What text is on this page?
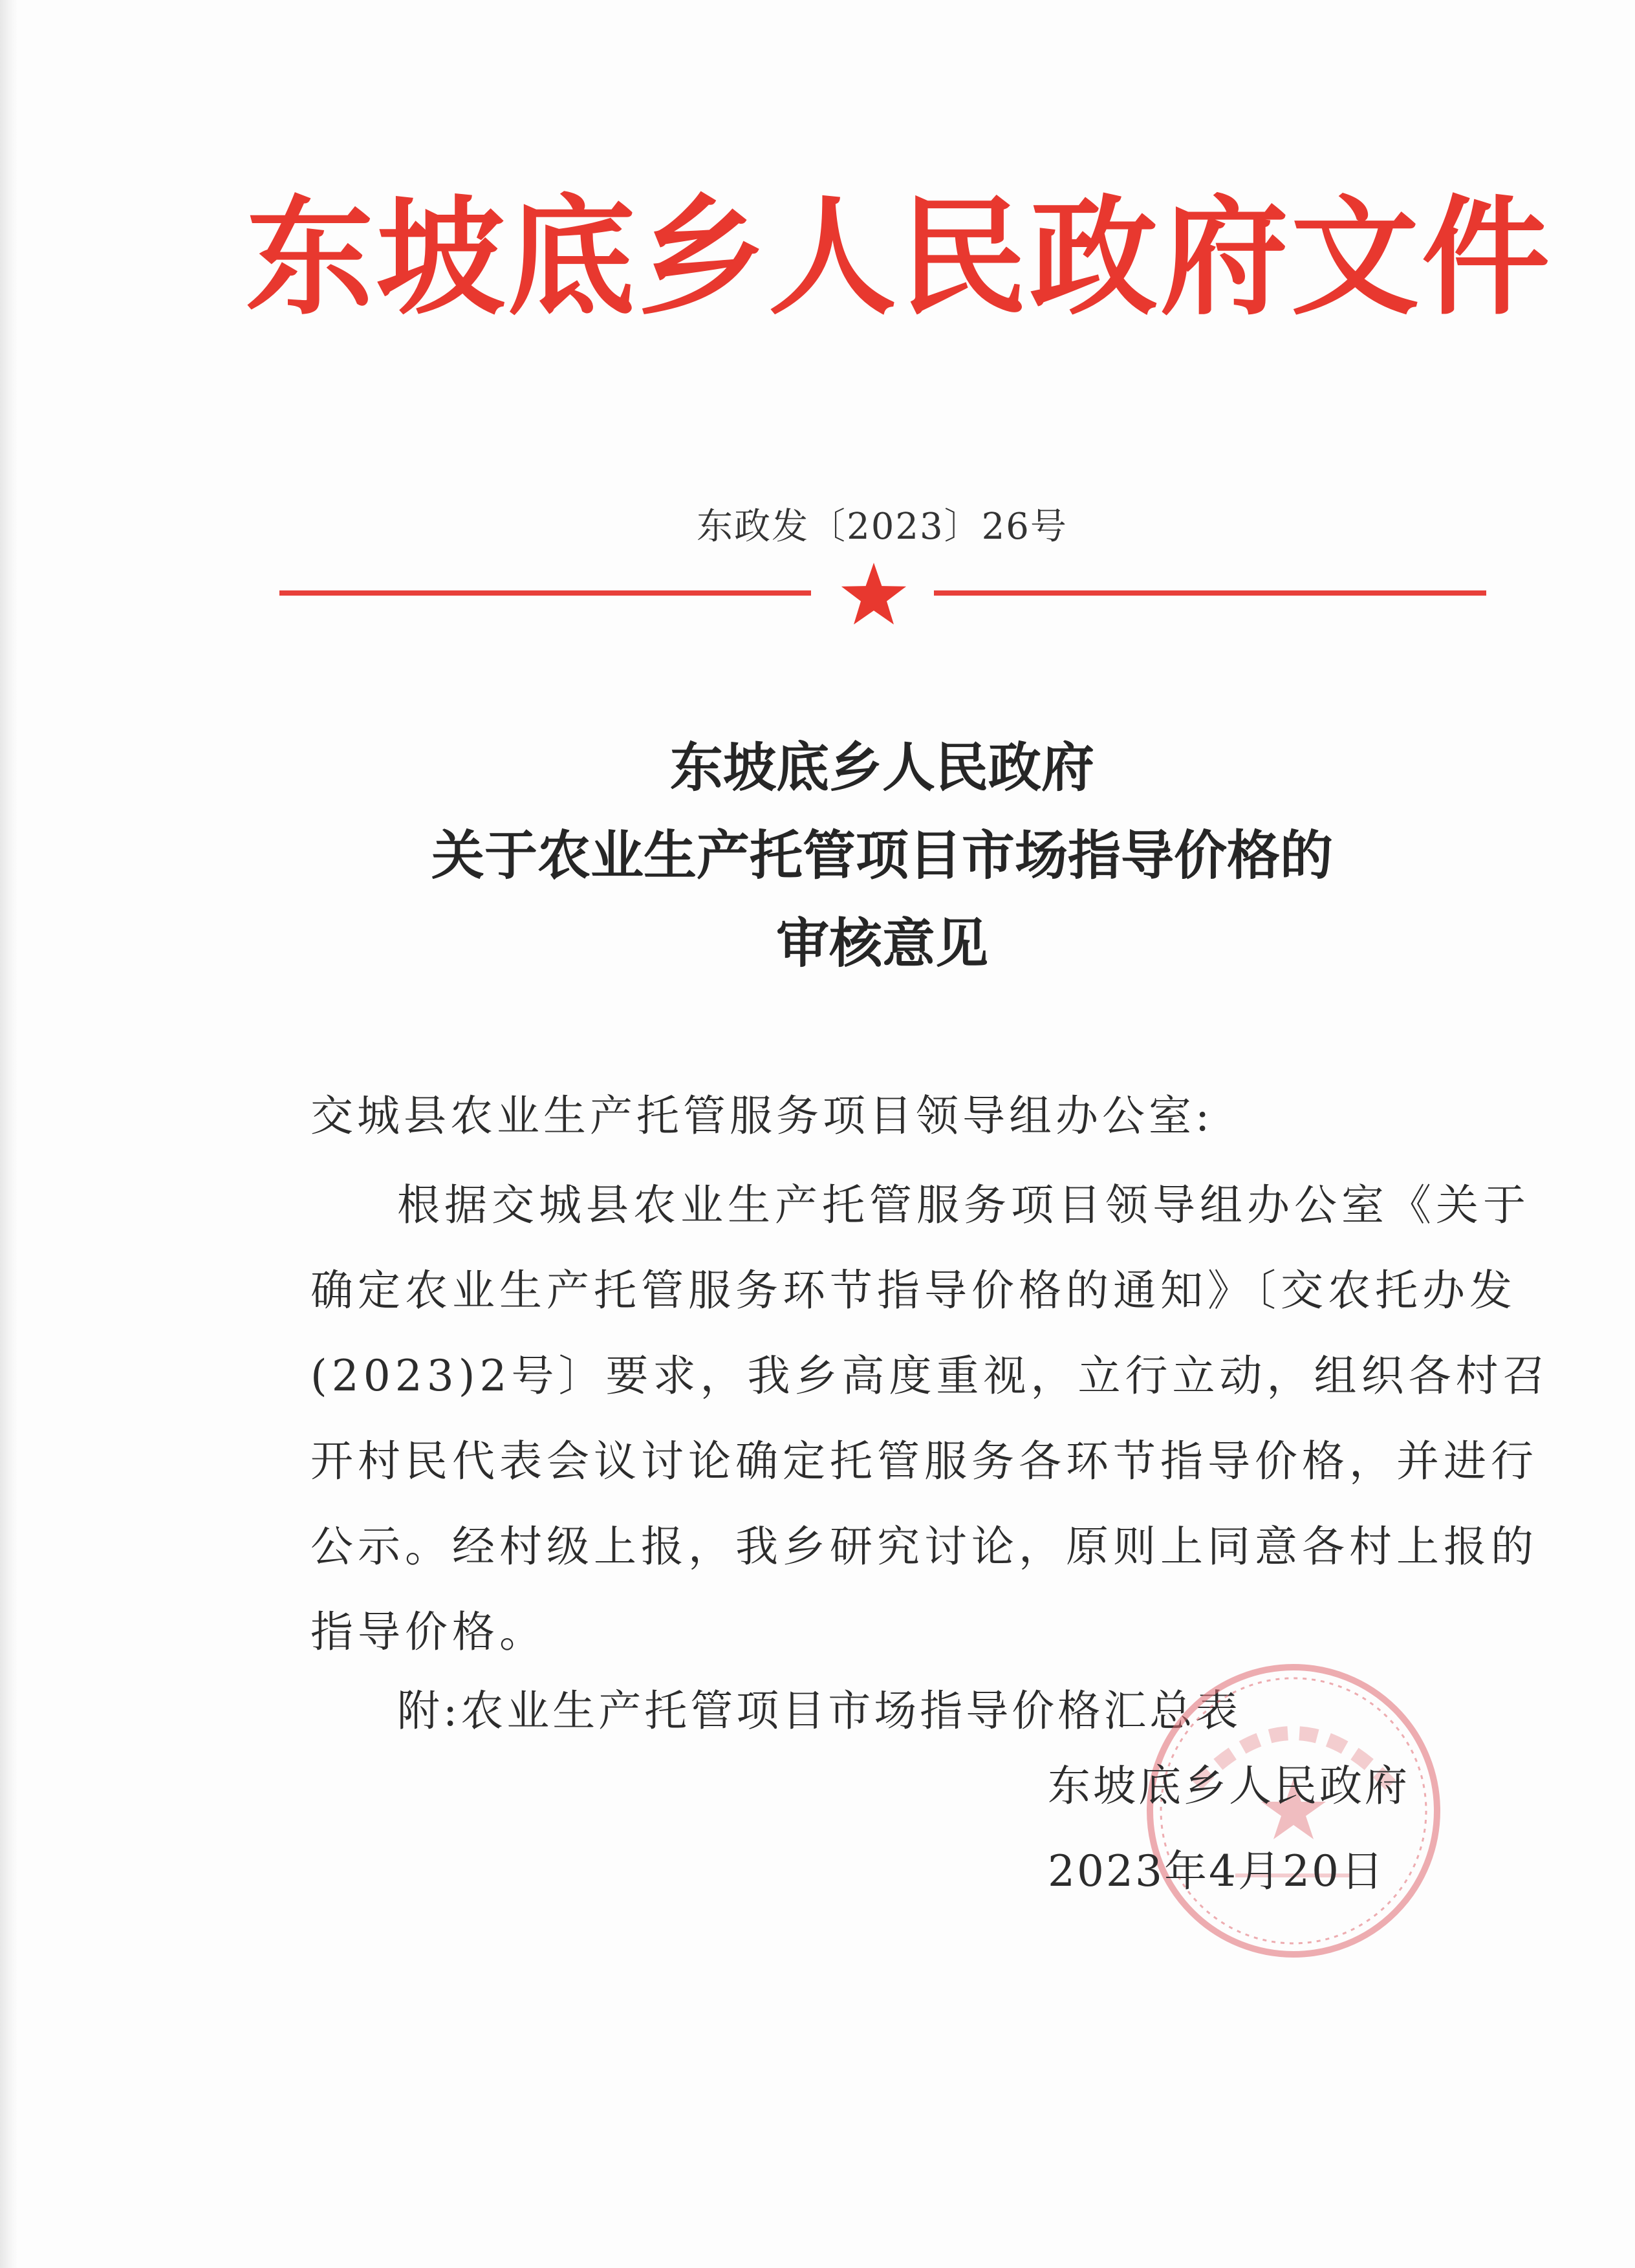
东坡底乡人民政府文件
东政发〔2023〕26号
东坡底乡人民政府
关于农业生产托管项目市场指导价格的
审核意见
交城县农业生产托管服务项目领导组办公室:
根据交城县农业生产托管服务项目领导组办公室《关于
确定农业生产托管服务环节指导价格的通知》〔交农托办发
(2023)2号〕要求，我乡高度重视，立行立动，组织各村召
开村民代表会议讨论确定托管服务各环节指导价格，并进行
公示。经村级上报，我乡研究讨论，原则上同意各村上报的
指导价格。
附:农业生产托管项目市场指导价格汇总表
东坡底乡人民政府
2023年4月20日
